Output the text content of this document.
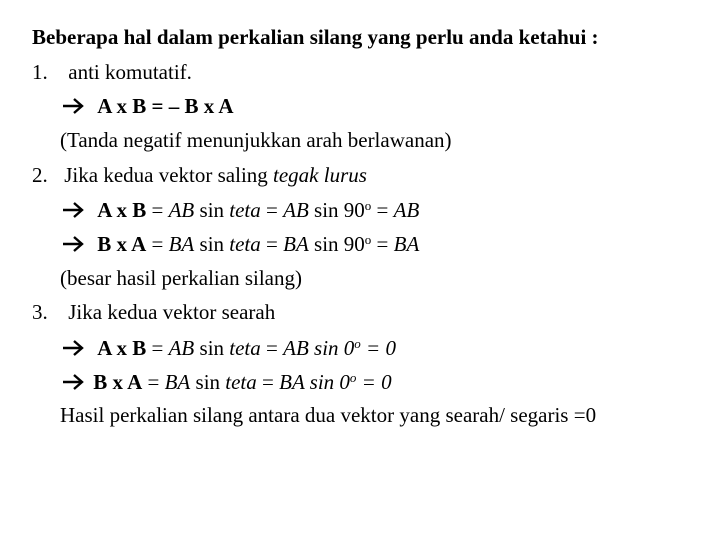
Beberapa hal dalam perkalian silang yang perlu anda ketahui :
1. anti komutatif.
A x B = – B x A
(Tanda negatif menunjukkan arah berlawanan)
2. Jika kedua vektor saling tegak lurus
A x B = AB sin teta = AB $\sin 90^o$ = AB
B x A = BA sin teta = BA $\sin 90^o$ = BA
(besar hasil perkalian silang)
3. Jika kedua vektor searah
A x B = AB sin teta = AB $\sin 0^o = 0$
B x A = BA sin teta = BA $\sin 0^o = 0$
Hasil perkalian silang antara dua vektor yang searah/ segaris =0
